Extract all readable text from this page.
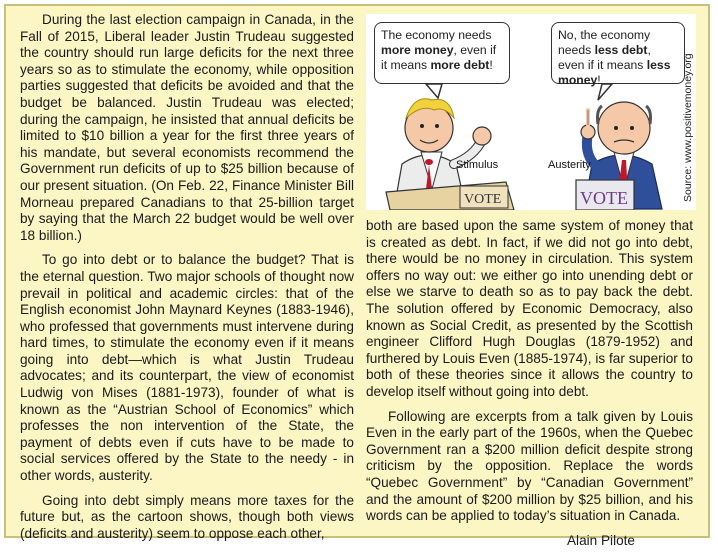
During the last election campaign in Canada, in the Fall of 2015, Liberal leader Justin Trudeau suggested the country should run large deficits for the next three years so as to stimulate the economy, while opposition parties suggested that deficits be avoided and that the budget be balanced. Justin Trudeau was elected; during the campaign, he insisted that annual deficits be limited to $10 billion a year for the first three years of his mandate, but several economists recommend the Government run deficits of up to $25 billion because of our present situation. (On Feb. 22, Finance Minister Bill Morneau prepared Canadians to that 25-billion target by saying that the March 22 budget would be well over 18 billion.)

To go into debt or to balance the budget? That is the eternal question. Two major schools of thought now prevail in political and academic circles: that of the English economist John Maynard Keynes (1883-1946), who professed that governments must intervene during hard times, to stimulate the economy even if it means going into debt—which is what Justin Trudeau advocates; and its counterpart, the view of economist Ludwig von Mises (1881-1973), founder of what is known as the “Austrian School of Economics” which professes the non intervention of the State, the payment of debts even if cuts have to be made to social services offered by the State to the needy - in other words, austerity.

Going into debt simply means more taxes for the future but, as the cartoon shows, though both views (deficits and austerity) seem to oppose each other,

The economy needs more money, even if it means more debt!
No, the economy needs less debt, even if it means less money!
Stimulus
VOTE
Austerity
VOTE	Source: www.positivemoney.org

both are based upon the same system of money that is created as debt. In fact, if we did not go into debt, there would be no money in circulation. This system offers no way out: we either go into unending debt or else we starve to death so as to pay back the debt. The solution offered by Economic Democracy, also known as Social Credit, as presented by the Scottish engineer Clifford Hugh Douglas (1879-1952) and furthered by Louis Even (1885-1974), is far superior to both of these theories since it allows the country to develop itself without going into debt.

Following are excerpts from a talk given by Louis Even in the early part of the 1960s, when the Quebec Government ran a $200 million deficit despite strong criticism by the opposition. Replace the words “Quebec Government” by “Canadian Government” and the amount of $200 million by $25 billion, and his words can be applied to today’s situation in Canada.

Alain Pilote
